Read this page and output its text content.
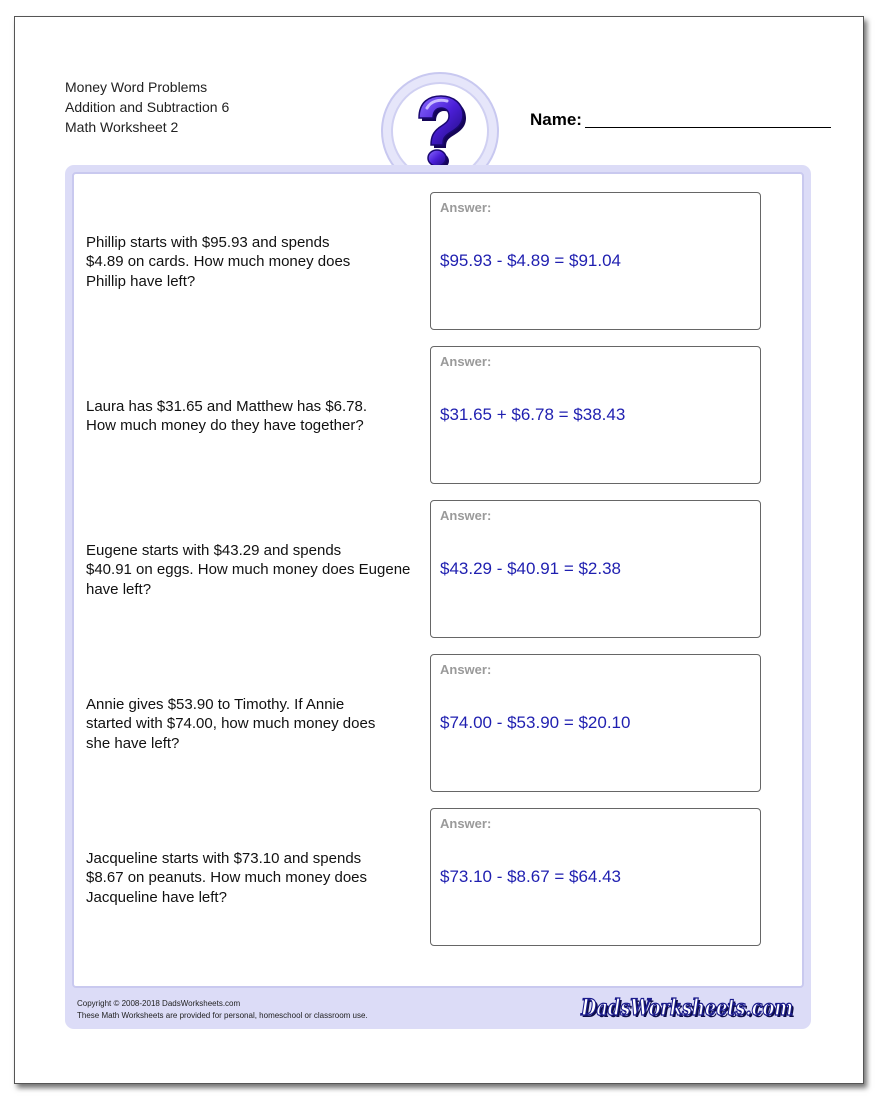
Money Word Problems
Addition and Subtraction 6
Math Worksheet 2	Name:
Phillip starts with $95.93 and spends
$4.89 on cards. How much money does
Phillip have left?
Answer:
$95.93 - $4.89 = $91.04
Laura has $31.65 and Matthew has $6.78.
How much money do they have together?
Answer:
$31.65 + $6.78 = $38.43
Eugene starts with $43.29 and spends
$40.91 on eggs. How much money does Eugene
have left?
Answer:
$43.29 - $40.91 = $2.38
Annie gives $53.90 to Timothy. If Annie
started with $74.00, how much money does
she have left?
Answer:
$74.00 - $53.90 = $20.10
Jacqueline starts with $73.10 and spends
$8.67 on peanuts. How much money does
Jacqueline have left?
Answer:
$73.10 - $8.67 = $64.43
Copyright © 2008-2018 DadsWorksheets.com
These Math Worksheets are provided for personal, homeschool or classroom use.	DadsWorksheets.com
DadsWorksheets.com
